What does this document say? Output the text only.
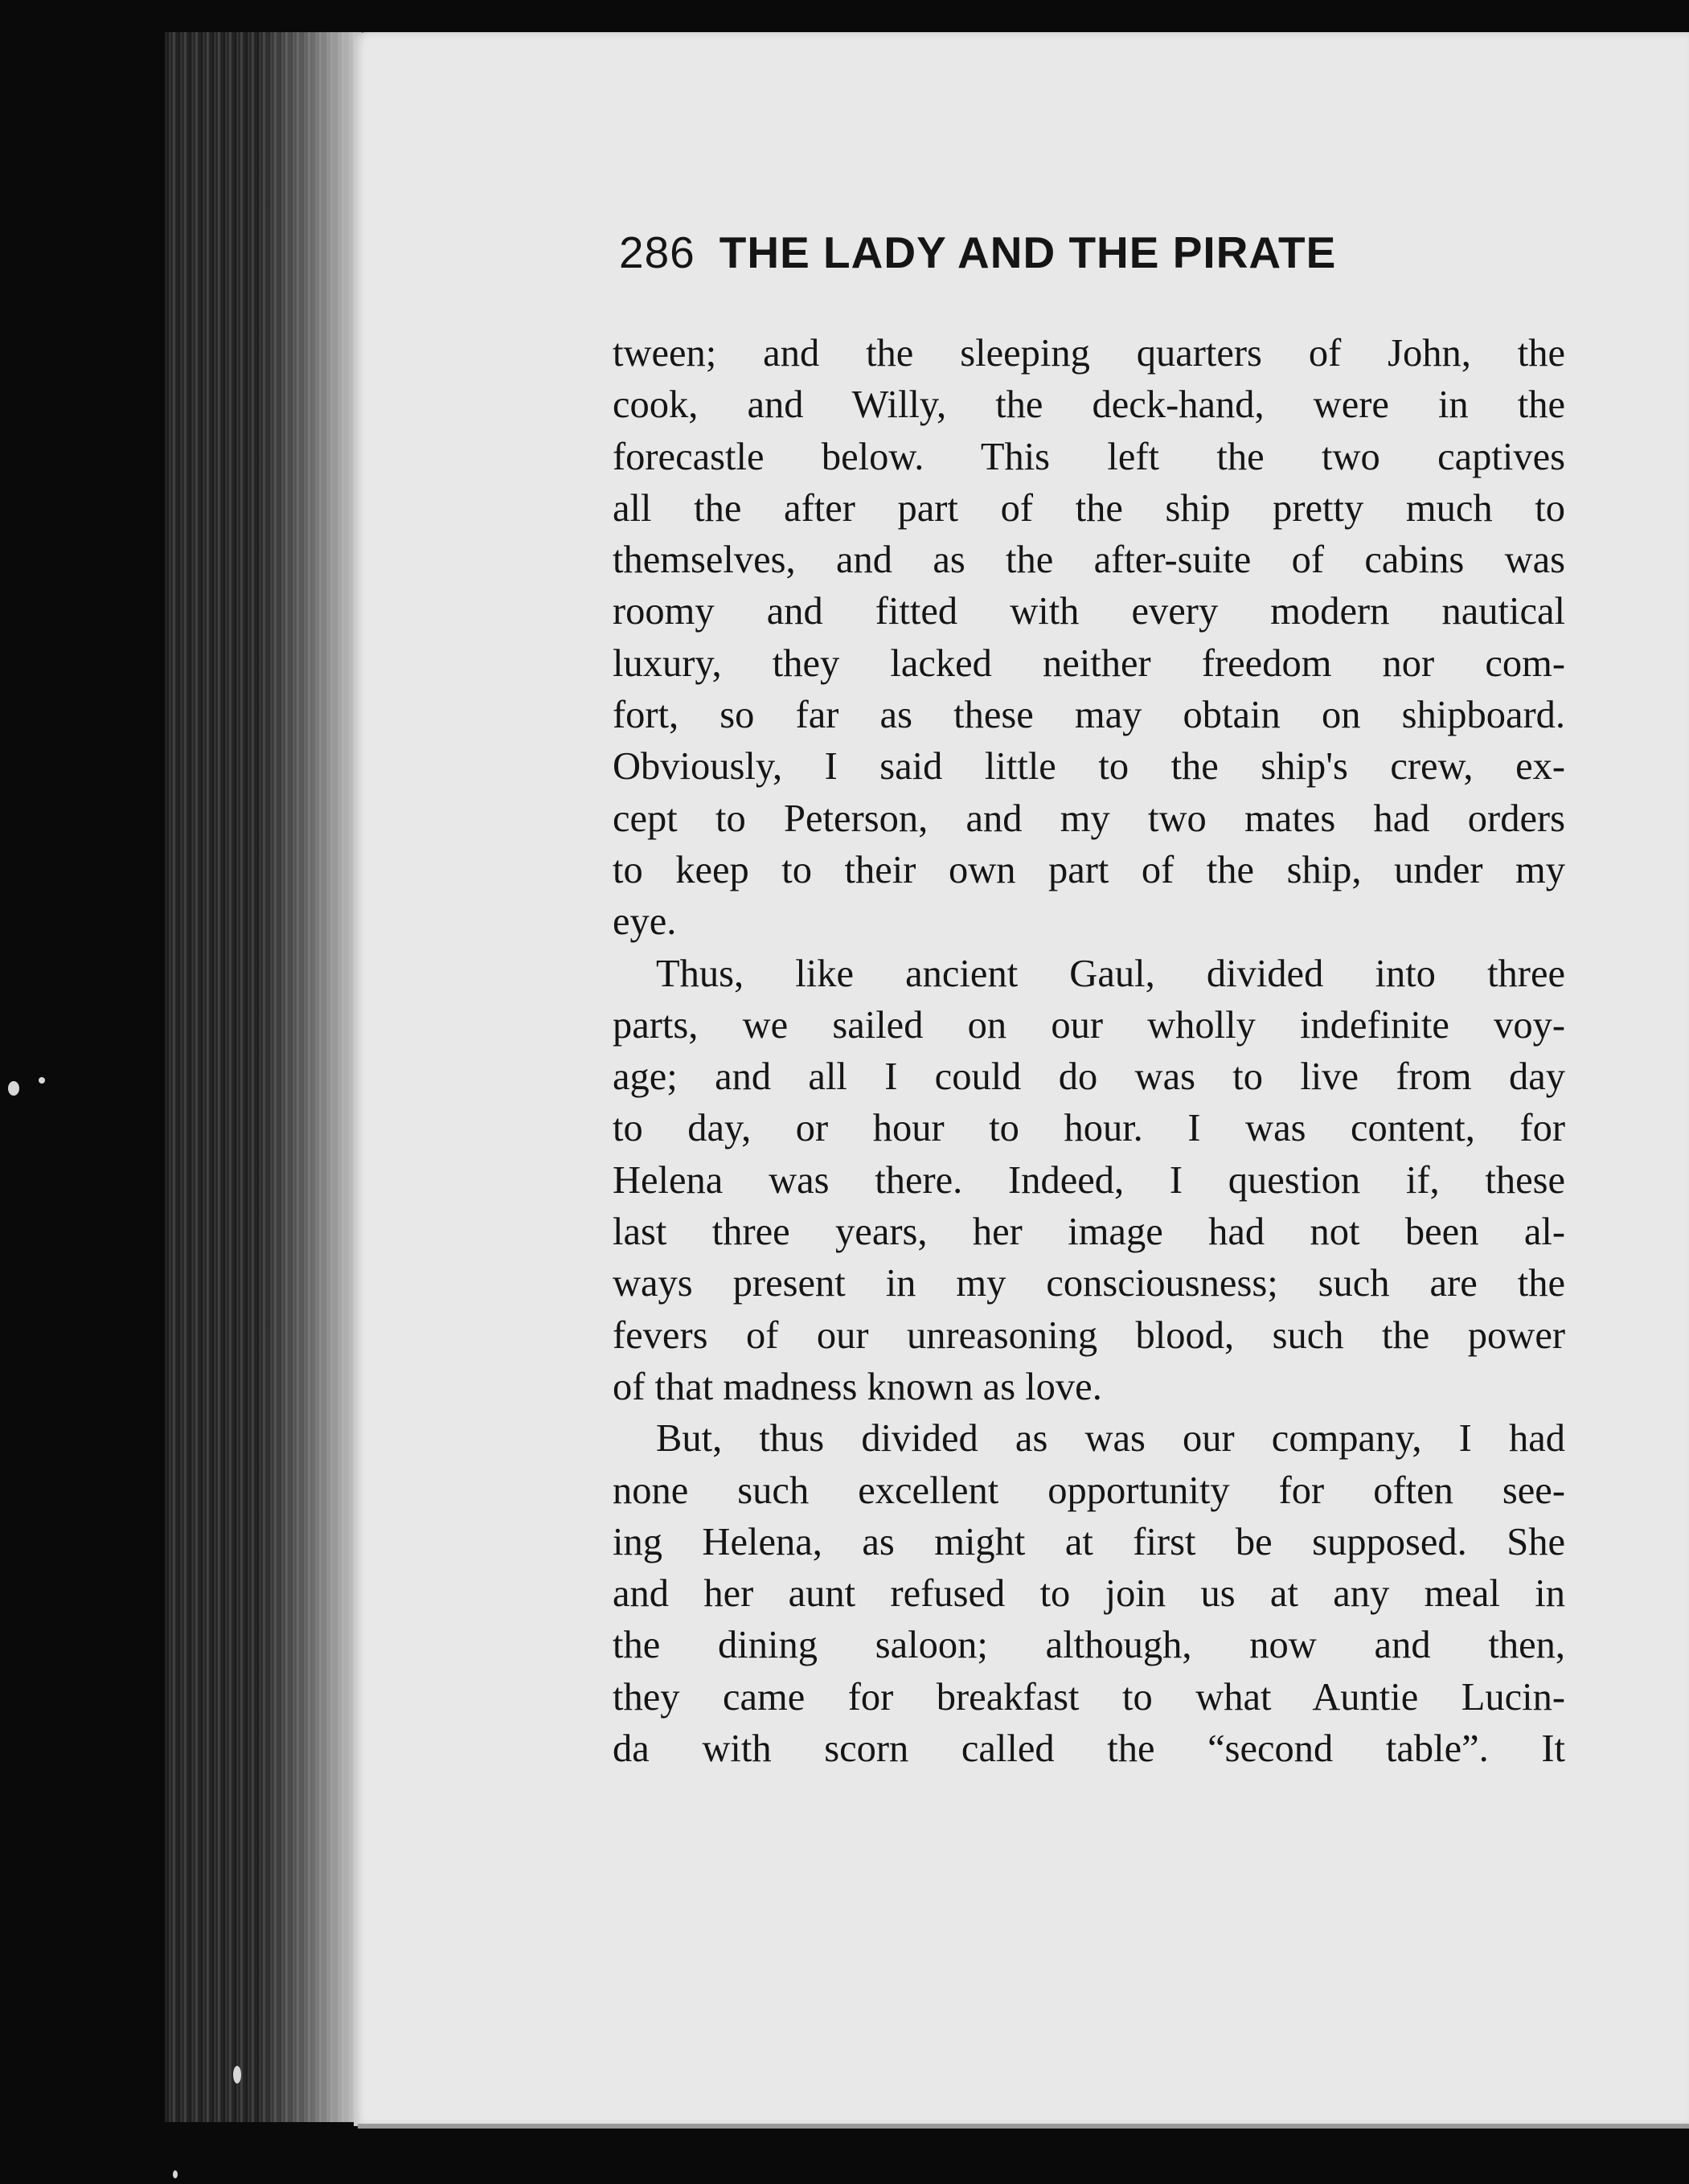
286 THE LADY AND THE PIRATE
tween; and the sleeping quarters of John, the
cook, and Willy, the deck-hand, were in the
forecastle below. This left the two captives
all the after part of the ship pretty much to
themselves, and as the after-suite of cabins was
roomy and fitted with every modern nautical
luxury, they lacked neither freedom nor com-
fort, so far as these may obtain on shipboard.
Obviously, I said little to the ship's crew, ex-
cept to Peterson, and my two mates had orders
to keep to their own part of the ship, under my
eye.
Thus, like ancient Gaul, divided into three
parts, we sailed on our wholly indefinite voy-
age; and all I could do was to live from day
to day, or hour to hour. I was content, for
Helena was there. Indeed, I question if, these
last three years, her image had not been al-
ways present in my consciousness; such are the
fevers of our unreasoning blood, such the power
of that madness known as love.
But, thus divided as was our company, I had
none such excellent opportunity for often see-
ing Helena, as might at first be supposed. She
and her aunt refused to join us at any meal in
the dining saloon; although, now and then,
they came for breakfast to what Auntie Lucin-
da with scorn called the “second table”. It
